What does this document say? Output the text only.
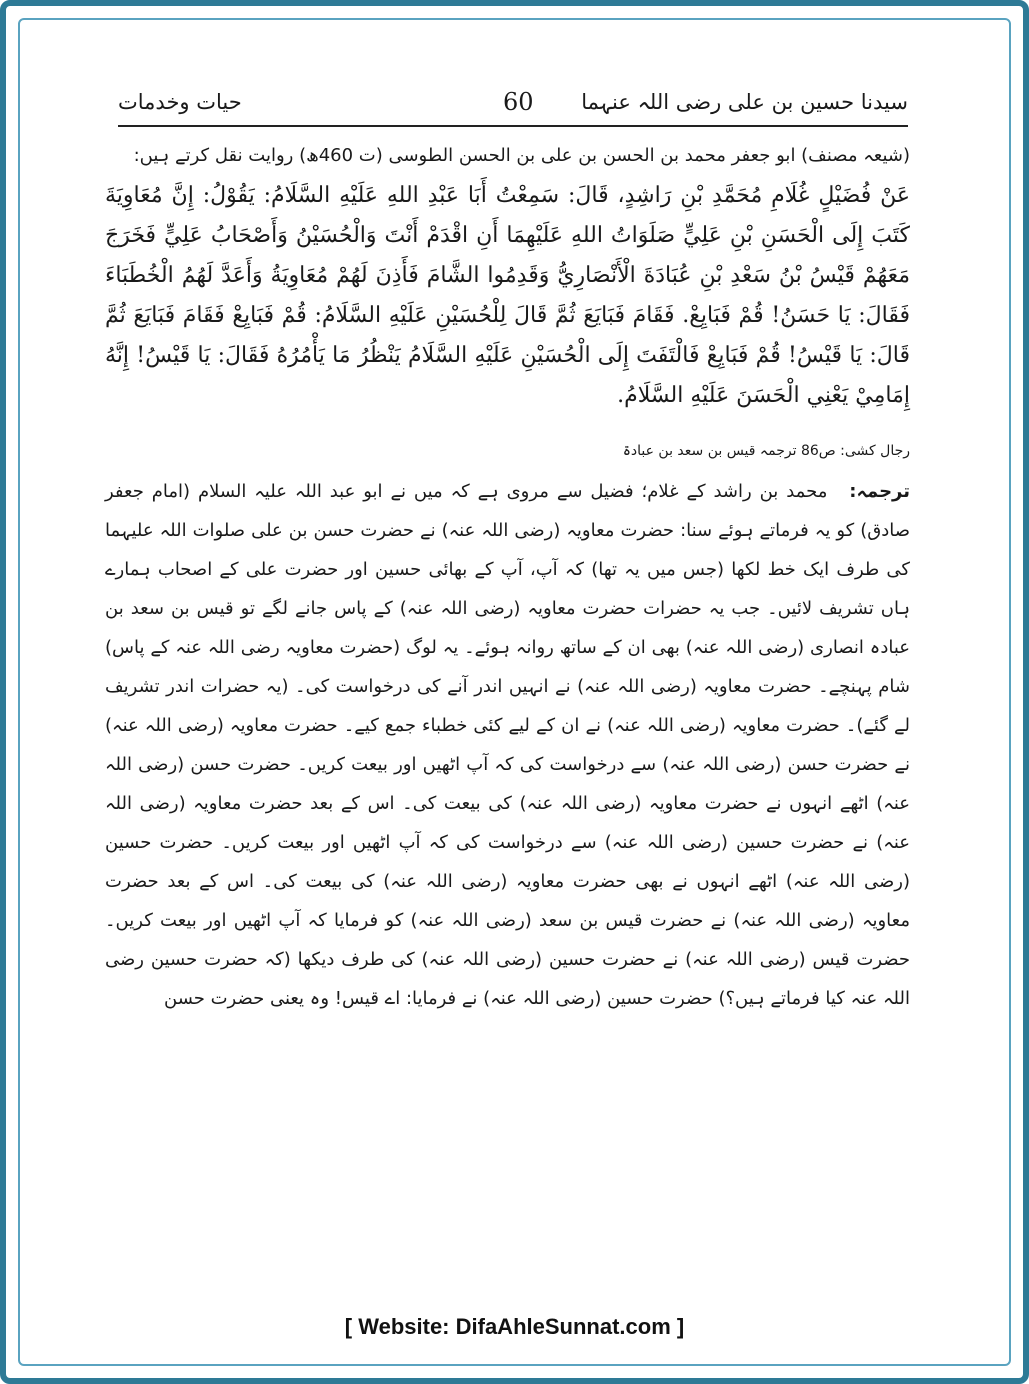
سیدنا حسین بن علی رضی اللہ عنہما
60
حیات وخدمات
(شیعہ مصنف) ابو جعفر محمد بن الحسن بن علی بن الحسن الطوسی (ت 460ھ) روایت نقل کرتے ہیں:
عَنْ فُضَيْلٍ غُلَامِ مُحَمَّدِ بْنِ رَاشِدٍ، قَالَ: سَمِعْتُ أَبَا عَبْدِ اللهِ عَلَيْهِ السَّلَامُ: يَقُوْلُ: إِنَّ مُعَاوِيَةَ كَتَبَ إِلَى الْحَسَنِ بْنِ عَلِيٍّ صَلَوَاتُ اللهِ عَلَيْهِمَا أَنِ اقْدَمْ أَنْتَ وَالْحُسَيْنُ وَأَصْحَابُ عَلِيٍّ فَخَرَجَ مَعَهُمْ قَيْسُ بْنُ سَعْدِ بْنِ عُبَادَةَ الْأَنْصَارِيُّ وَقَدِمُوا الشَّامَ فَأَذِنَ لَهُمْ مُعَاوِيَةُ وَأَعَدَّ لَهُمُ الْخُطَبَاءَ فَقَالَ: يَا حَسَنُ! قُمْ فَبَايِعْ. فَقَامَ فَبَايَعَ ثُمَّ قَالَ لِلْحُسَيْنِ عَلَيْهِ السَّلَامُ: قُمْ فَبَايِعْ فَقَامَ فَبَايَعَ ثُمَّ قَالَ: يَا قَيْسُ! قُمْ فَبَايِعْ فَالْتَفَتَ إِلَى الْحُسَيْنِ عَلَيْهِ السَّلَامُ يَنْظُرُ مَا يَأْمُرُهُ فَقَالَ: يَا قَيْسُ! إِنَّهُ إِمَامِيْ يَعْنِي الْحَسَنَ عَلَيْهِ السَّلَامُ.
رجال کشی: ص86 ترجمہ قیس بن سعد بن عبادۃ
ترجمہ: محمد بن راشد کے غلام؛ فضیل سے مروی ہے کہ میں نے ابو عبد اللہ علیہ السلام (امام جعفر صادق) کو یہ فرماتے ہوئے سنا: حضرت معاویہ (رضی اللہ عنہ) نے حضرت حسن بن علی صلوات اللہ علیہما کی طرف ایک خط لکھا (جس میں یہ تھا) کہ آپ، آپ کے بھائی حسین اور حضرت علی کے اصحاب ہمارے ہاں تشریف لائیں۔ جب یہ حضرات حضرت معاویہ (رضی اللہ عنہ) کے پاس جانے لگے تو قیس بن سعد بن عبادہ انصاری (رضی اللہ عنہ) بھی ان کے ساتھ روانہ ہوئے۔ یہ لوگ (حضرت معاویہ رضی اللہ عنہ کے پاس) شام پہنچے۔ حضرت معاویہ (رضی اللہ عنہ) نے انہیں اندر آنے کی درخواست کی۔ (یہ حضرات اندر تشریف لے گئے)۔ حضرت معاویہ (رضی اللہ عنہ) نے ان کے لیے کئی خطباء جمع کیے۔ حضرت معاویہ (رضی اللہ عنہ) نے حضرت حسن (رضی اللہ عنہ) سے درخواست کی کہ آپ اٹھیں اور بیعت کریں۔ حضرت حسن (رضی اللہ عنہ) اٹھے انہوں نے حضرت معاویہ (رضی اللہ عنہ) کی بیعت کی۔ اس کے بعد حضرت معاویہ (رضی اللہ عنہ) نے حضرت حسین (رضی اللہ عنہ) سے درخواست کی کہ آپ اٹھیں اور بیعت کریں۔ حضرت حسین (رضی اللہ عنہ) اٹھے انہوں نے بھی حضرت معاویہ (رضی اللہ عنہ) کی بیعت کی۔ اس کے بعد حضرت معاویہ (رضی اللہ عنہ) نے حضرت قیس بن سعد (رضی اللہ عنہ) کو فرمایا کہ آپ اٹھیں اور بیعت کریں۔ حضرت قیس (رضی اللہ عنہ) نے حضرت حسین (رضی اللہ عنہ) کی طرف دیکھا (کہ حضرت حسین رضی اللہ عنہ کیا فرماتے ہیں؟) حضرت حسین (رضی اللہ عنہ) نے فرمایا: اے قیس! وہ یعنی حضرت حسن
[ Website: DifaAhleSunnat.com ]
